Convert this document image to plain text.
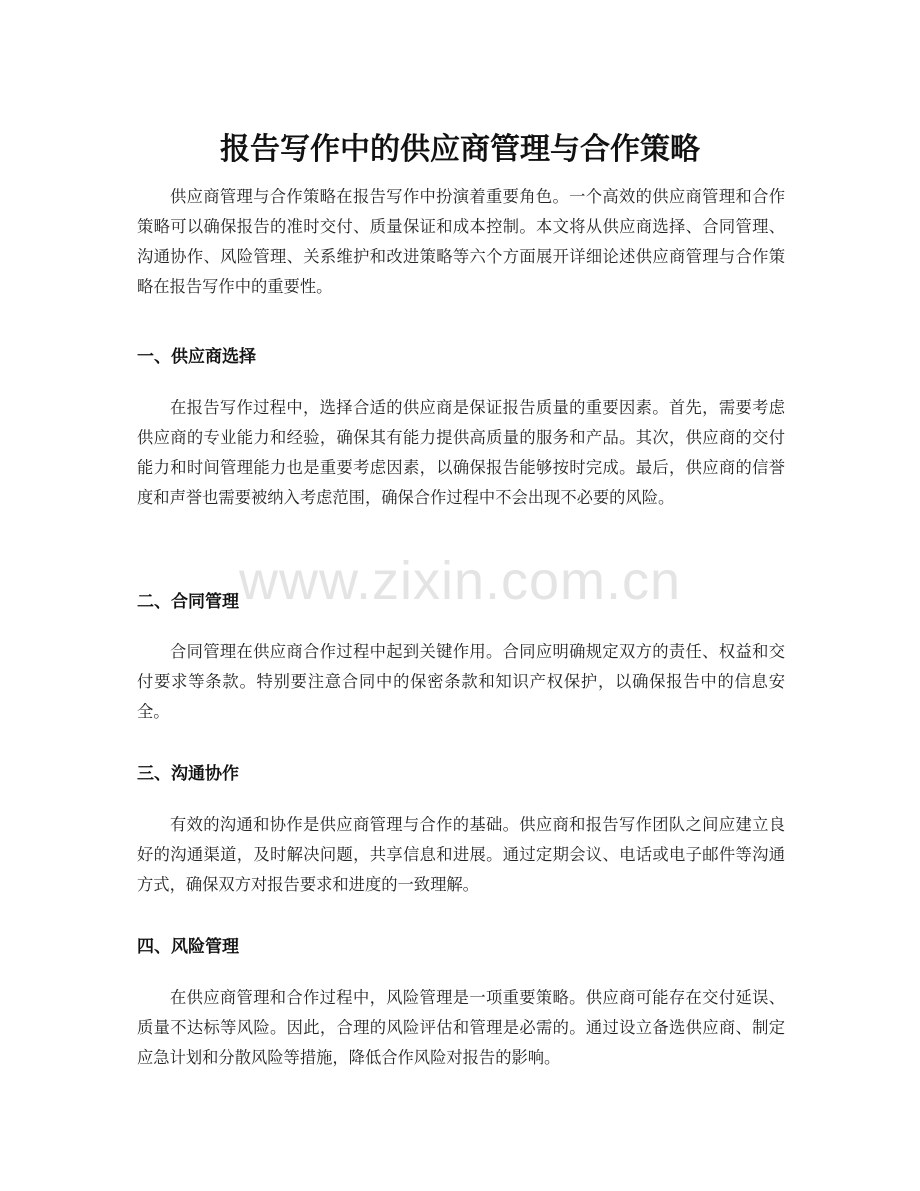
报告写作中的供应商管理与合作策略

供应商管理与合作策略在报告写作中扮演着重要角色。一个高效的供应商管理和合作策略可以确保报告的准时交付、质量保证和成本控制。本文将从供应商选择、合同管理、沟通协作、风险管理、关系维护和改进策略等六个方面展开详细论述供应商管理与合作策略在报告写作中的重要性。

一、供应商选择

在报告写作过程中，选择合适的供应商是保证报告质量的重要因素。首先，需要考虑供应商的专业能力和经验，确保其有能力提供高质量的服务和产品。其次，供应商的交付能力和时间管理能力也是重要考虑因素，以确保报告能够按时完成。最后，供应商的信誉度和声誉也需要被纳入考虑范围，确保合作过程中不会出现不必要的风险。

二、合同管理

合同管理在供应商合作过程中起到关键作用。合同应明确规定双方的责任、权益和交付要求等条款。特别要注意合同中的保密条款和知识产权保护，以确保报告中的信息安全。

三、沟通协作

有效的沟通和协作是供应商管理与合作的基础。供应商和报告写作团队之间应建立良好的沟通渠道，及时解决问题，共享信息和进展。通过定期会议、电话或电子邮件等沟通方式，确保双方对报告要求和进度的一致理解。

四、风险管理

在供应商管理和合作过程中，风险管理是一项重要策略。供应商可能存在交付延误、质量不达标等风险。因此，合理的风险评估和管理是必需的。通过设立备选供应商、制定应急计划和分散风险等措施，降低合作风险对报告的影响。

www.zixin.com.cn
